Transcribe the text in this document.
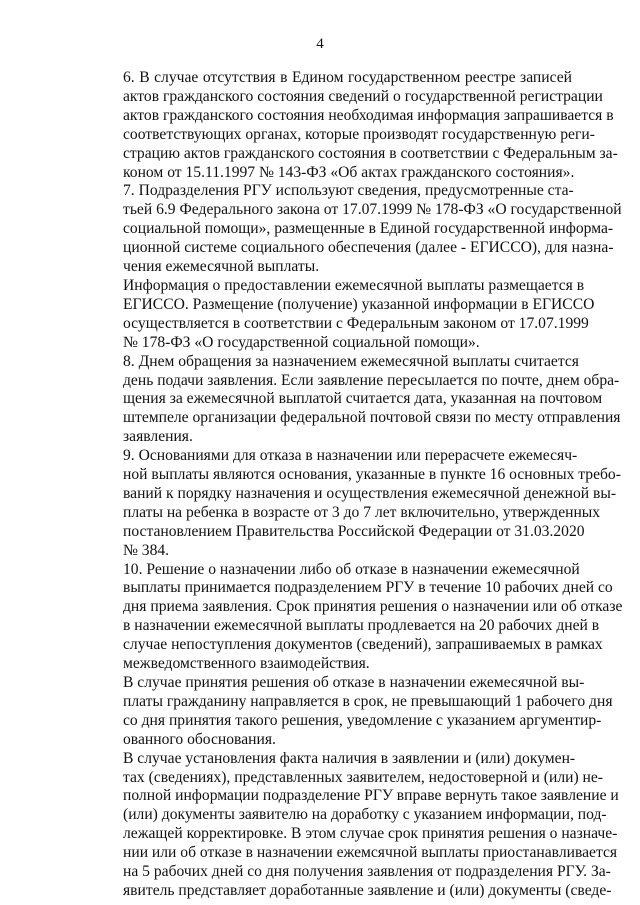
4

6. В случае отсутствия в Едином государственном реестре записей
актов гражданского состояния сведений о государственной регистрации
актов гражданского состояния необходимая информация запрашивается в
соответствующих органах, которые производят государственную реги-
страцию актов гражданского состояния в соответствии с Федеральным за-
коном от 15.11.1997 № 143-ФЗ «Об актах гражданского состояния».

7. Подразделения РГУ используют сведения, предусмотренные ста-
тьей 6.9 Федерального закона от 17.07.1999 № 178-ФЗ «О государственной
социальной помощи», размещенные в Единой государственной информа-
ционной системе социального обеспечения (далее - ЕГИССО), для назна-
чения ежемесячной выплаты.

Информация о предоставлении ежемесячной выплаты размещается в
ЕГИССО. Размещение (получение) указанной информации в ЕГИССО
осуществляется в соответствии с Федеральным законом от 17.07.1999
№ 178-ФЗ «О государственной социальной помощи».

8. Днем обращения за назначением ежемесячной выплаты считается
день подачи заявления. Если заявление пересылается по почте, днем обра-
щения за ежемесячной выплатой считается дата, указанная на почтовом
штемпеле организации федеральной почтовой связи по месту отправления
заявления.

9. Основаниями для отказа в назначении или перерасчете ежемесяч-
ной выплаты являются основания, указанные в пункте 16 основных требо-
ваний к порядку назначения и осуществления ежемесячной денежной вы-
платы на ребенка в возрасте от 3 до 7 лет включительно, утвержденных
постановлением Правительства Российской Федерации от 31.03.2020
№ 384.

10. Решение о назначении либо об отказе в назначении ежемесячной
выплаты принимается подразделением РГУ в течение 10 рабочих дней со
дня приема заявления. Срок принятия решения о назначении или об отказе
в назначении ежемесячной выплаты продлевается на 20 рабочих дней в
случае непоступления документов (сведений), запрашиваемых в рамках
межведомственного взаимодействия.

В случае принятия решения об отказе в назначении ежемесячной вы-
платы гражданину направляется в срок, не превышающий 1 рабочего дня
со дня принятия такого решения, уведомление с указанием аргументир-
ованного обоснования.

В случае установления факта наличия в заявлении и (или) докумен-
тах (сведениях), представленных заявителем, недостоверной и (или) не-
полной информации подразделение РГУ вправе вернуть такое заявление и
(или) документы заявителю на доработку с указанием информации, под-
лежащей корректировке. В этом случае срок принятия решения о назначе-
нии или об отказе в назначении ежемсячной выплаты приостанавливается
на 5 рабочих дней со дня получения заявления от подразделения РГУ. За-
явитель представляет доработанные заявление и (или) документы (сведе-
